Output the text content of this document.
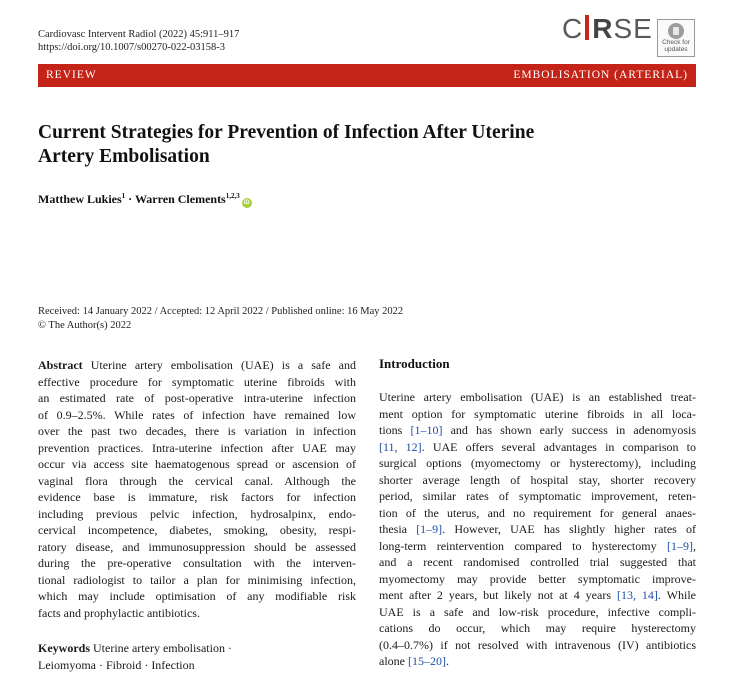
Cardiovasc Intervent Radiol (2022) 45:911–917
https://doi.org/10.1007/s00270-022-03158-3
C RSE	Check for
updates
REVIEW	EMBOLISATION (ARTERIAL)
Current Strategies for Prevention of Infection After Uterine
Artery Embolisation
Matthew Lukies$^1$ · Warren Clements$^{1,2,3}$iD
Received: 14 January 2022 / Accepted: 12 April 2022 / Published online: 16 May 2022
© The Author(s) 2022
Abstract Uterine artery embolisation (UAE) is a safe and
effective procedure for symptomatic uterine fibroids with
an estimated rate of post-operative intra-uterine infection
of 0.9–2.5%. While rates of infection have remained low
over the past two decades, there is variation in infection
prevention practices. Intra-uterine infection after UAE may
occur via access site haematogenous spread or ascension of
vaginal flora through the cervical canal. Although the
evidence base is immature, risk factors for infection
including previous pelvic infection, hydrosalpinx, endo-
cervical incompetence, diabetes, smoking, obesity, respi-
ratory disease, and immunosuppression should be assessed
during the pre-operative consultation with the interven-
tional radiologist to tailor a plan for minimising infection,
which may include optimisation of any modifiable risk
facts and prophylactic antibiotics.
Keywords Uterine artery embolisation ·
Leiomyoma · Fibroid · Infection
Introduction
Uterine artery embolisation (UAE) is an established treat-
ment option for symptomatic uterine fibroids in all loca-
tions [1–10] and has shown early success in adenomyosis
[11, 12]. UAE offers several advantages in comparison to
surgical options (myomectomy or hysterectomy), including
shorter average length of hospital stay, shorter recovery
period, similar rates of symptomatic improvement, reten-
tion of the uterus, and no requirement for general anaes-
thesia [1–9]. However, UAE has slightly higher rates of
long-term reintervention compared to hysterectomy [1–9],
and a recent randomised controlled trial suggested that
myomectomy may provide better symptomatic improve-
ment after 2 years, but likely not at 4 years [13, 14]. While
UAE is a safe and low-risk procedure, infective compli-
cations do occur, which may require hysterectomy
(0.4–0.7%) if not resolved with intravenous (IV) antibiotics
alone [15–20].
